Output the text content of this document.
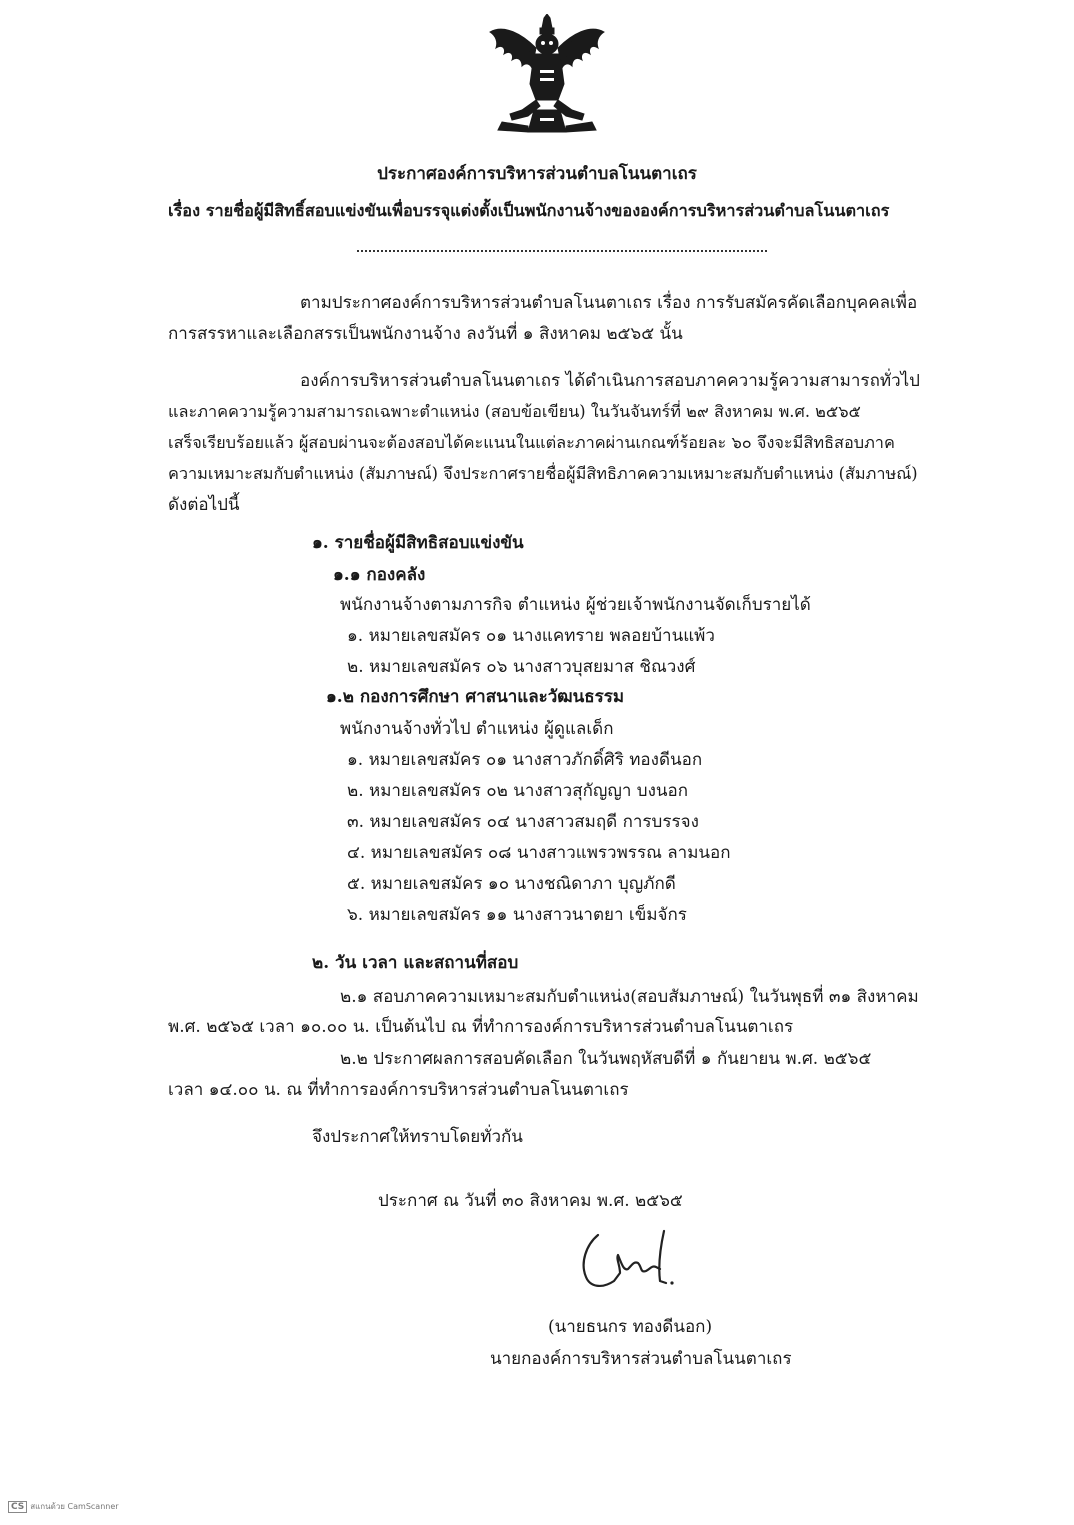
ประกาศองค์การบริหารส่วนตำบลโนนตาเถร
เรื่อง รายชื่อผู้มีสิทธิ์สอบแข่งขันเพื่อบรรจุแต่งตั้งเป็นพนักงานจ้างขององค์การบริหารส่วนตำบลโนนตาเถร
ตามประกาศองค์การบริหารส่วนตำบลโนนตาเถร เรื่อง การรับสมัครคัดเลือกบุคคลเพื่อ
การสรรหาและเลือกสรรเป็นพนักงานจ้าง ลงวันที่ ๑ สิงหาคม ๒๕๖๕ นั้น
องค์การบริหารส่วนตำบลโนนตาเถร ได้ดำเนินการสอบภาคความรู้ความสามารถทั่วไป
และภาคความรู้ความสามารถเฉพาะตำแหน่ง (สอบข้อเขียน) ในวันจันทร์ที่ ๒๙ สิงหาคม พ.ศ. ๒๕๖๕
เสร็จเรียบร้อยแล้ว ผู้สอบผ่านจะต้องสอบได้คะแนนในแต่ละภาคผ่านเกณฑ์ร้อยละ ๖๐ จึงจะมีสิทธิสอบภาค
ความเหมาะสมกับตำแหน่ง (สัมภาษณ์) จึงประกาศรายชื่อผู้มีสิทธิภาคความเหมาะสมกับตำแหน่ง (สัมภาษณ์)
ดังต่อไปนี้
๑. รายชื่อผู้มีสิทธิสอบแข่งขัน
๑.๑ กองคลัง
พนักงานจ้างตามภารกิจ ตำแหน่ง ผู้ช่วยเจ้าพนักงานจัดเก็บรายได้
๑. หมายเลขสมัคร ๐๑ นางแคทราย พลอยบ้านแพ้ว
๒. หมายเลขสมัคร ๐๖ นางสาวบุสยมาส ชิณวงศ์
๑.๒ กองการศึกษา ศาสนาและวัฒนธรรม
พนักงานจ้างทั่วไป ตำแหน่ง ผู้ดูแลเด็ก
๑. หมายเลขสมัคร ๐๑ นางสาวภักดิ์ศิริ ทองดีนอก
๒. หมายเลขสมัคร ๐๒ นางสาวสุกัญญา บงนอก
๓. หมายเลขสมัคร ๐๔ นางสาวสมฤดี การบรรจง
๔. หมายเลขสมัคร ๐๘ นางสาวแพรวพรรณ ลามนอก
๕. หมายเลขสมัคร ๑๐ นางชณิดาภา บุญภักดี
๖. หมายเลขสมัคร ๑๑ นางสาวนาตยา เข็มจักร
๒. วัน เวลา และสถานที่สอบ
๒.๑ สอบภาคความเหมาะสมกับตำแหน่ง(สอบสัมภาษณ์) ในวันพุธที่ ๓๑ สิงหาคม
พ.ศ. ๒๕๖๕ เวลา ๑๐.๐๐ น. เป็นต้นไป ณ ที่ทำการองค์การบริหารส่วนตำบลโนนตาเถร
๒.๒ ประกาศผลการสอบคัดเลือก ในวันพฤหัสบดีที่ ๑ กันยายน พ.ศ. ๒๕๖๕
เวลา ๑๔.๐๐ น. ณ ที่ทำการองค์การบริหารส่วนตำบลโนนตาเถร
จึงประกาศให้ทราบโดยทั่วกัน
ประกาศ ณ วันที่ ๓๐ สิงหาคม พ.ศ. ๒๕๖๕
(นายธนกร ทองดีนอก)
นายกองค์การบริหารส่วนตำบลโนนตาเถร
CS สแกนด้วย CamScanner
